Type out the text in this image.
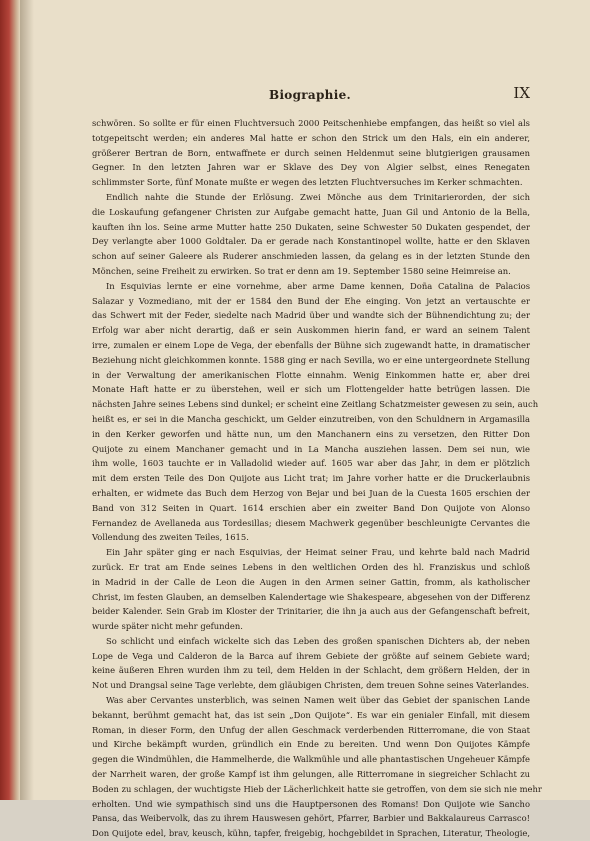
Biographie.	IX
schwören. So sollte er für einen Fluchtversuch 2000 Peitschenhiebe empfangen, das heißt so viel als
totgepeitscht werden; ein anderes Mal hatte er schon den Strick um den Hals, ein ein anderer,
größerer Bertran de Born, entwaffnete er durch seinen Heldenmut seine blutgierigen grausamen
Gegner. In den letzten Jahren war er Sklave des Dey von Algier selbst, eines Renegaten
schlimmster Sorte, fünf Monate mußte er wegen des letzten Fluchtversuches im Kerker schmachten.
Endlich nahte die Stunde der Erlösung. Zwei Mönche aus dem Trinitarierorden, der sich
die Loskaufung gefangener Christen zur Aufgabe gemacht hatte, Juan Gil und Antonio de la Bella,
kauften ihn los. Seine arme Mutter hatte 250 Dukaten, seine Schwester 50 Dukaten gespendet, der
Dey verlangte aber 1000 Goldtaler. Da er gerade nach Konstantinopel wollte, hatte er den Sklaven
schon auf seiner Galeere als Ruderer anschmieden lassen, da gelang es in der letzten Stunde den
Mönchen, seine Freiheit zu erwirken. So trat er denn am 19. September 1580 seine Heimreise an.
In Esquivias lernte er eine vornehme, aber arme Dame kennen, Doña Catalina de Palacios
Salazar y Vozmediano, mit der er 1584 den Bund der Ehe einging. Von jetzt an vertauschte er
das Schwert mit der Feder, siedelte nach Madrid über und wandte sich der Bühnendichtung zu; der
Erfolg war aber nicht derartig, daß er sein Auskommen hierin fand, er ward an seinem Talent
irre, zumalen er einem Lope de Vega, der ebenfalls der Bühne sich zugewandt hatte, in dramatischer
Beziehung nicht gleichkommen konnte. 1588 ging er nach Sevilla, wo er eine untergeordnete Stellung
in der Verwaltung der amerikanischen Flotte einnahm. Wenig Einkommen hatte er, aber drei
Monate Haft hatte er zu überstehen, weil er sich um Flottengelder hatte betrügen lassen. Die
nächsten Jahre seines Lebens sind dunkel; er scheint eine Zeitlang Schatzmeister gewesen zu sein, auch
heißt es, er sei in die Mancha geschickt, um Gelder einzutreiben, von den Schuldnern in Argamasilla
in den Kerker geworfen und hätte nun, um den Manchanern eins zu versetzen, den Ritter Don
Quijote zu einem Manchaner gemacht und in La Mancha ausziehen lassen. Dem sei nun, wie
ihm wolle, 1603 tauchte er in Valladolid wieder auf. 1605 war aber das Jahr, in dem er plötzlich
mit dem ersten Teile des Don Quijote aus Licht trat; im Jahre vorher hatte er die Druckerlaubnis
erhalten, er widmete das Buch dem Herzog von Bejar und bei Juan de la Cuesta 1605 erschien der
Band von 312 Seiten in Quart. 1614 erschien aber ein zweiter Band Don Quijote von Alonso
Fernandez de Avellaneda aus Tordesillas; diesem Machwerk gegenüber beschleunigte Cervantes die
Vollendung des zweiten Teiles, 1615.
Ein Jahr später ging er nach Esquivias, der Heimat seiner Frau, und kehrte bald nach Madrid
zurück. Er trat am Ende seines Lebens in den weltlichen Orden des hl. Franziskus und schloß
in Madrid in der Calle de Leon die Augen in den Armen seiner Gattin, fromm, als katholischer
Christ, im festen Glauben, an demselben Kalendertage wie Shakespeare, abgesehen von der Differenz
beider Kalender. Sein Grab im Kloster der Trinitarier, die ihn ja auch aus der Gefangenschaft befreit,
wurde später nicht mehr gefunden.
So schlicht und einfach wickelte sich das Leben des großen spanischen Dichters ab, der neben
Lope de Vega und Calderon de la Barca auf ihrem Gebiete der größte auf seinem Gebiete ward;
keine äußeren Ehren wurden ihm zu teil, dem Helden in der Schlacht, dem größern Helden, der in
Not und Drangsal seine Tage verlebte, dem gläubigen Christen, dem treuen Sohne seines Vaterlandes.
Was aber Cervantes unsterblich, was seinen Namen weit über das Gebiet der spanischen Lande
bekannt, berühmt gemacht hat, das ist sein „Don Quijote“. Es war ein genialer Einfall, mit diesem
Roman, in dieser Form, den Unfug der allen Geschmack verderbenden Ritterromane, die von Staat
und Kirche bekämpft wurden, gründlich ein Ende zu bereiten. Und wenn Don Quijotes Kämpfe
gegen die Windmühlen, die Hammelherde, die Walkmühle und alle phantastischen Ungeheuer Kämpfe
der Narrheit waren, der große Kampf ist ihm gelungen, alle Ritterromane in siegreicher Schlacht zu
Boden zu schlagen, der wuchtigste Hieb der Lächerlichkeit hatte sie getroffen, von dem sie sich nie mehr
erholten. Und wie sympathisch sind uns die Hauptpersonen des Romans! Don Quijote wie Sancho
Pansa, das Weibervolk, das zu ihrem Hauswesen gehört, Pfarrer, Barbier und Bakkalaureus Carrasco!
Don Quijote edel, brav, keusch, kühn, tapfer, freigebig, hochgebildet in Sprachen, Literatur, Theologie,
